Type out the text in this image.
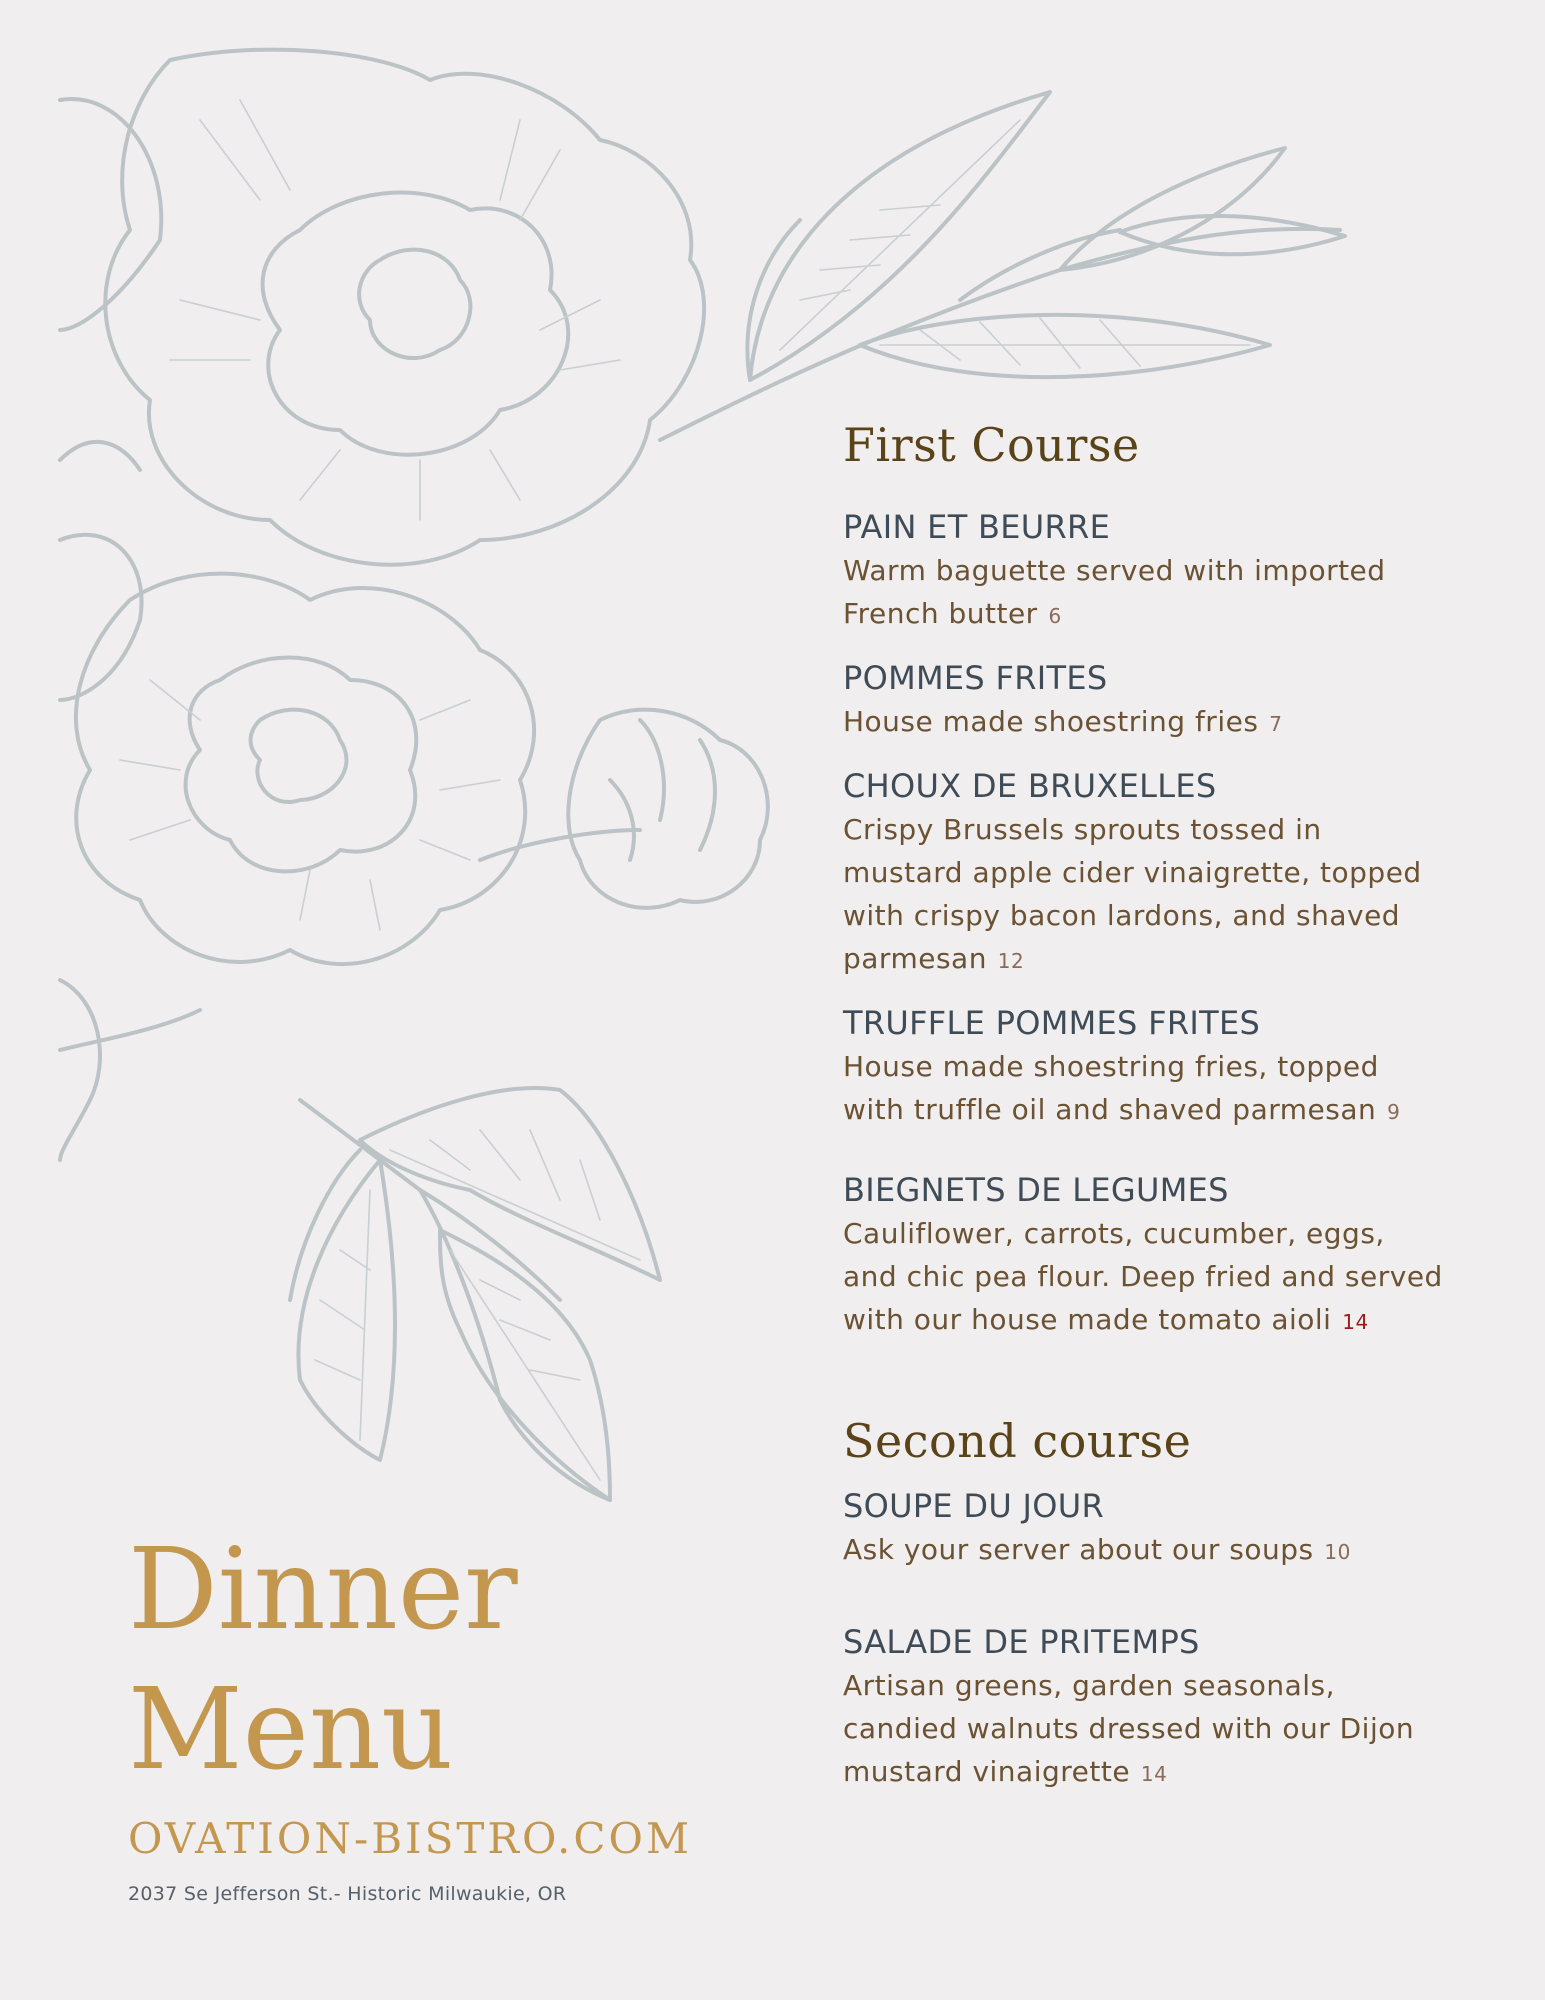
First Course

PAIN ET BEURRE

Warm baguette served with imported French butter 6

POMMES FRITES

House made shoestring fries 7

CHOUX DE BRUXELLES

Crispy Brussels sprouts tossed in mustard apple cider vinaigrette, topped with crispy bacon lardons, and shaved parmesan 12

TRUFFLE POMMES FRITES

House made shoestring fries, topped with truffle oil and shaved parmesan 9

BIEGNETS DE LEGUMES

Cauliflower, carrots, cucumber, eggs, and chic pea flour. Deep fried and served with our house made tomato aioli 14

Second course

SOUPE DU JOUR

Ask your server about our soups 10

SALADE DE PRITEMPS

Artisan greens, garden seasonals, candied walnuts dressed with our Dijon mustard vinaigrette 14

Dinner

Menu

OVATION-BISTRO.COM
2037 Se Jefferson St.- Historic Milwaukie, OR
